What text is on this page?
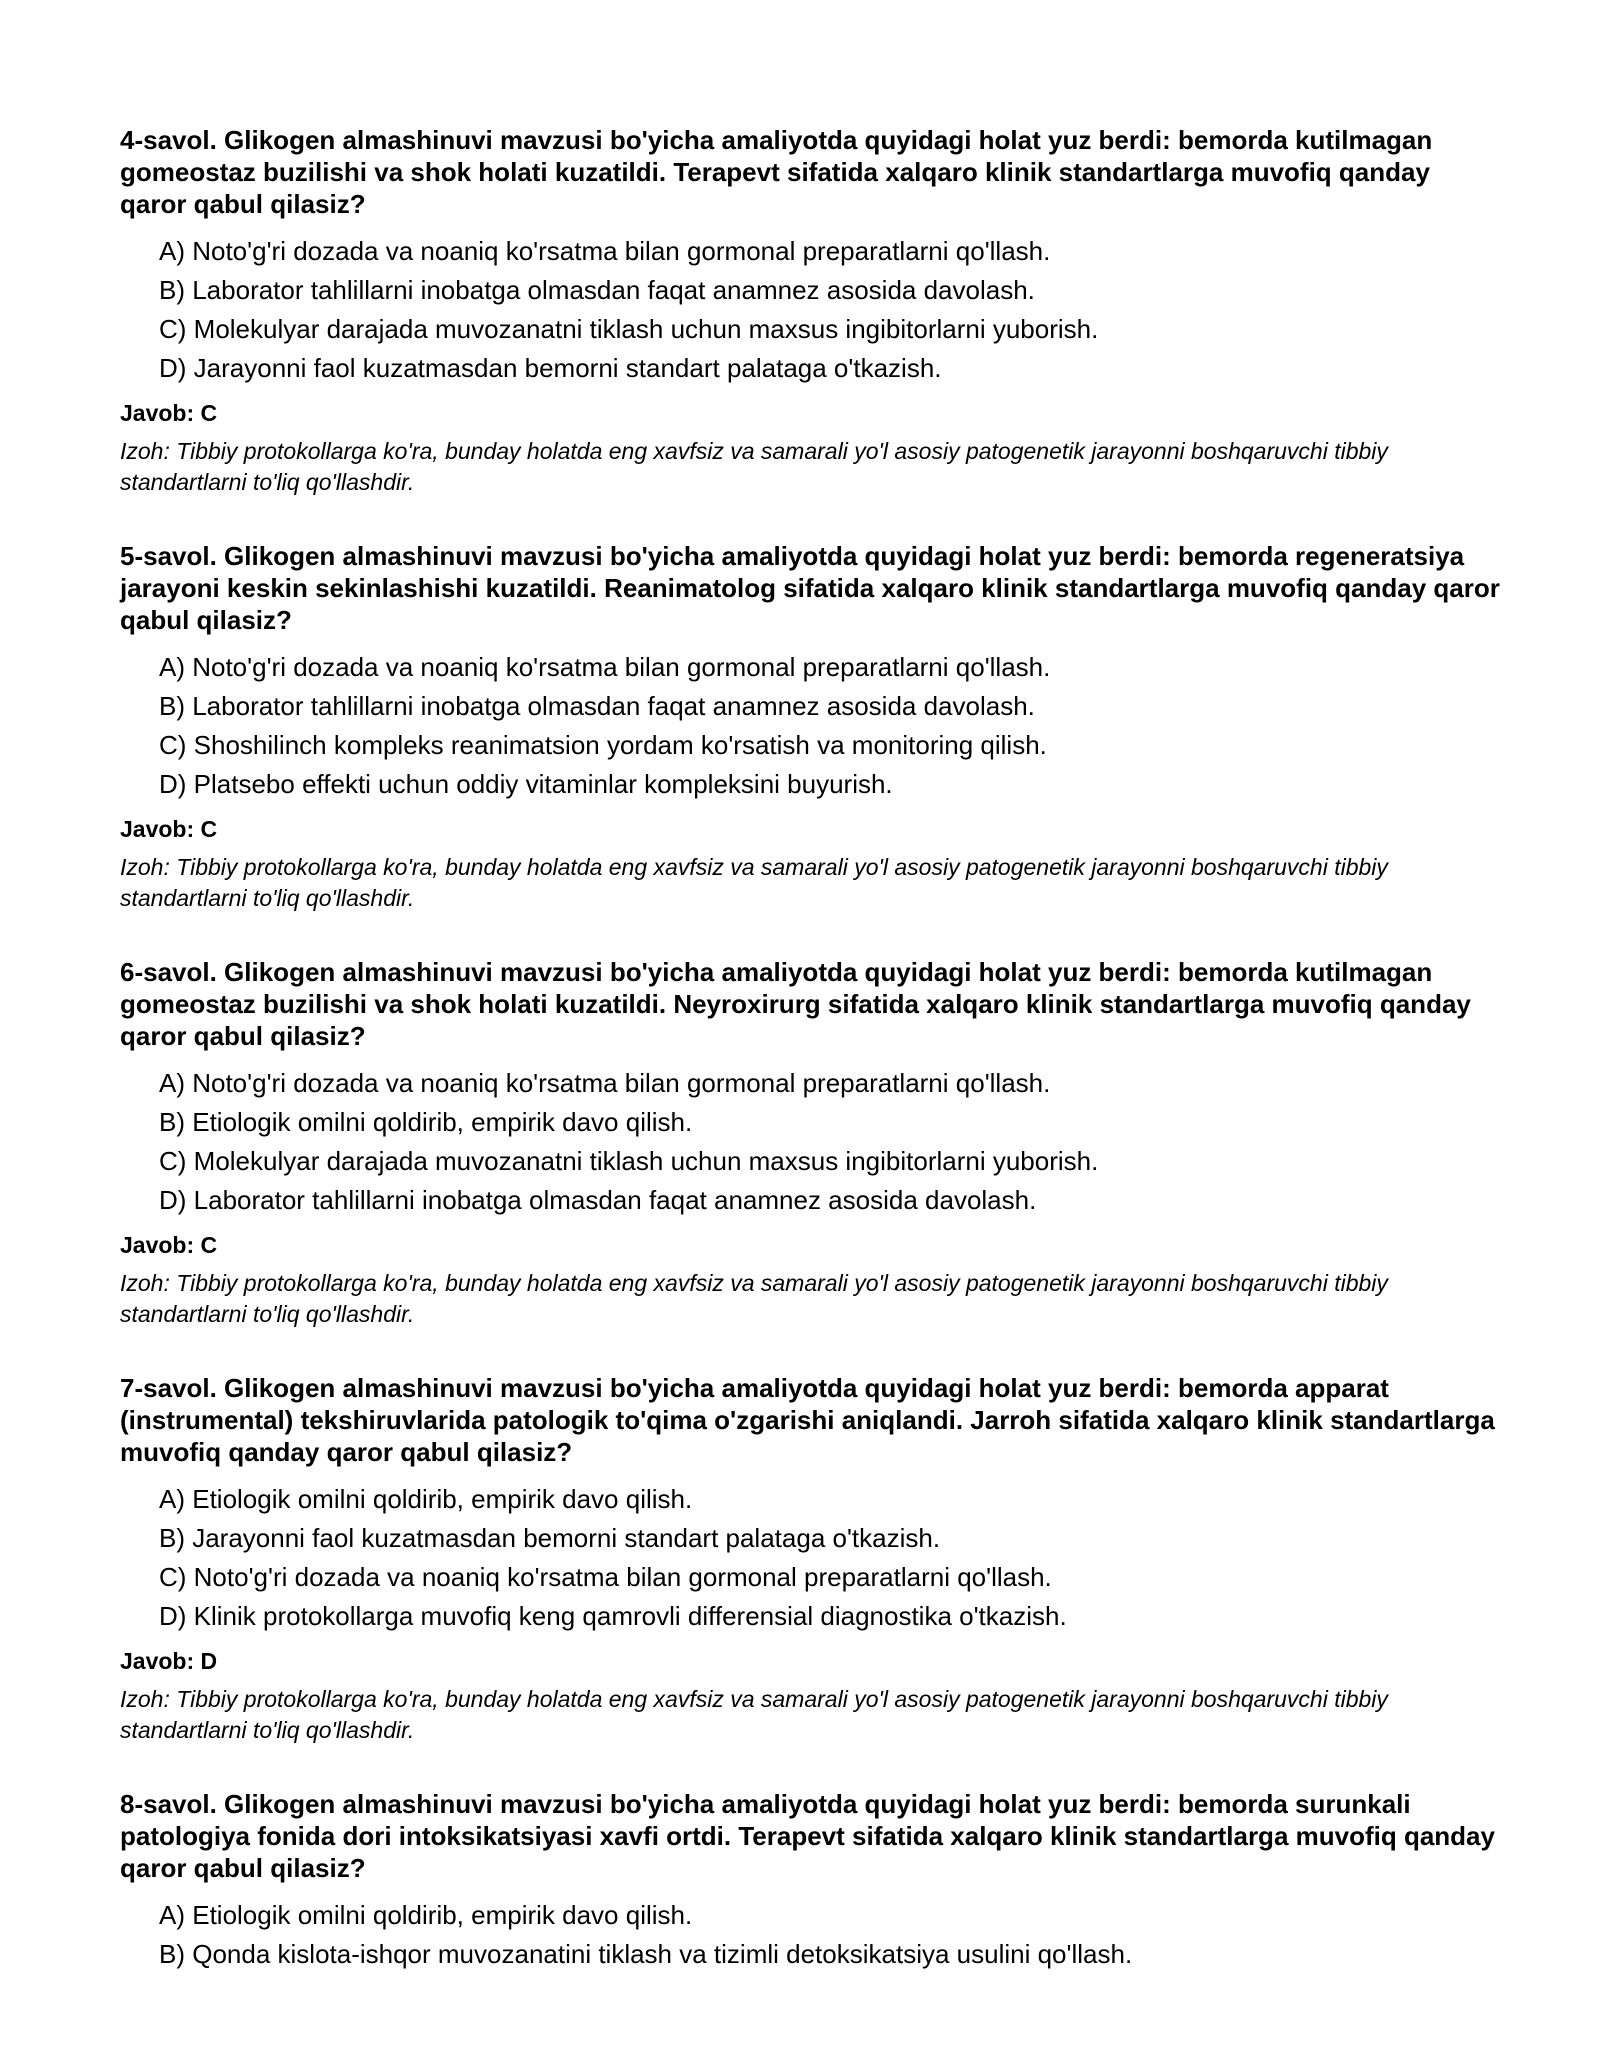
4-savol. Glikogen almashinuvi mavzusi bo'yicha amaliyotda quyidagi holat yuz berdi: bemorda kutilmagan gomeostaz buzilishi va shok holati kuzatildi. Terapevt sifatida xalqaro klinik standartlarga muvofiq qanday qaror qabul qilasiz?
A) Noto'g'ri dozada va noaniq ko'rsatma bilan gormonal preparatlarni qo'llash.
B) Laborator tahlillarni inobatga olmasdan faqat anamnez asosida davolash.
C) Molekulyar darajada muvozanatni tiklash uchun maxsus ingibitorlarni yuborish.
D) Jarayonni faol kuzatmasdan bemorni standart palataga o'tkazish.
Javob: C
Izoh: Tibbiy protokollarga ko'ra, bunday holatda eng xavfsiz va samarali yo'l asosiy patogenetik jarayonni boshqaruvchi tibbiy standartlarni to'liq qo'llashdir.
5-savol. Glikogen almashinuvi mavzusi bo'yicha amaliyotda quyidagi holat yuz berdi: bemorda regeneratsiya jarayoni keskin sekinlashishi kuzatildi. Reanimatolog sifatida xalqaro klinik standartlarga muvofiq qanday qaror qabul qilasiz?
A) Noto'g'ri dozada va noaniq ko'rsatma bilan gormonal preparatlarni qo'llash.
B) Laborator tahlillarni inobatga olmasdan faqat anamnez asosida davolash.
C) Shoshilinch kompleks reanimatsion yordam ko'rsatish va monitoring qilish.
D) Platsebo effekti uchun oddiy vitaminlar kompleksini buyurish.
Javob: C
Izoh: Tibbiy protokollarga ko'ra, bunday holatda eng xavfsiz va samarali yo'l asosiy patogenetik jarayonni boshqaruvchi tibbiy standartlarni to'liq qo'llashdir.
6-savol. Glikogen almashinuvi mavzusi bo'yicha amaliyotda quyidagi holat yuz berdi: bemorda kutilmagan gomeostaz buzilishi va shok holati kuzatildi. Neyroxirurg sifatida xalqaro klinik standartlarga muvofiq qanday qaror qabul qilasiz?
A) Noto'g'ri dozada va noaniq ko'rsatma bilan gormonal preparatlarni qo'llash.
B) Etiologik omilni qoldirib, empirik davo qilish.
C) Molekulyar darajada muvozanatni tiklash uchun maxsus ingibitorlarni yuborish.
D) Laborator tahlillarni inobatga olmasdan faqat anamnez asosida davolash.
Javob: C
Izoh: Tibbiy protokollarga ko'ra, bunday holatda eng xavfsiz va samarali yo'l asosiy patogenetik jarayonni boshqaruvchi tibbiy standartlarni to'liq qo'llashdir.
7-savol. Glikogen almashinuvi mavzusi bo'yicha amaliyotda quyidagi holat yuz berdi: bemorda apparat (instrumental) tekshiruvlarida patologik to'qima o'zgarishi aniqlandi. Jarroh sifatida xalqaro klinik standartlarga muvofiq qanday qaror qabul qilasiz?
A) Etiologik omilni qoldirib, empirik davo qilish.
B) Jarayonni faol kuzatmasdan bemorni standart palataga o'tkazish.
C) Noto'g'ri dozada va noaniq ko'rsatma bilan gormonal preparatlarni qo'llash.
D) Klinik protokollarga muvofiq keng qamrovli differensial diagnostika o'tkazish.
Javob: D
Izoh: Tibbiy protokollarga ko'ra, bunday holatda eng xavfsiz va samarali yo'l asosiy patogenetik jarayonni boshqaruvchi tibbiy standartlarni to'liq qo'llashdir.
8-savol. Glikogen almashinuvi mavzusi bo'yicha amaliyotda quyidagi holat yuz berdi: bemorda surunkali patologiya fonida dori intoksikatsiyasi xavfi ortdi. Terapevt sifatida xalqaro klinik standartlarga muvofiq qanday qaror qabul qilasiz?
A) Etiologik omilni qoldirib, empirik davo qilish.
B) Qonda kislota-ishqor muvozanatini tiklash va tizimli detoksikatsiya usulini qo'llash.
